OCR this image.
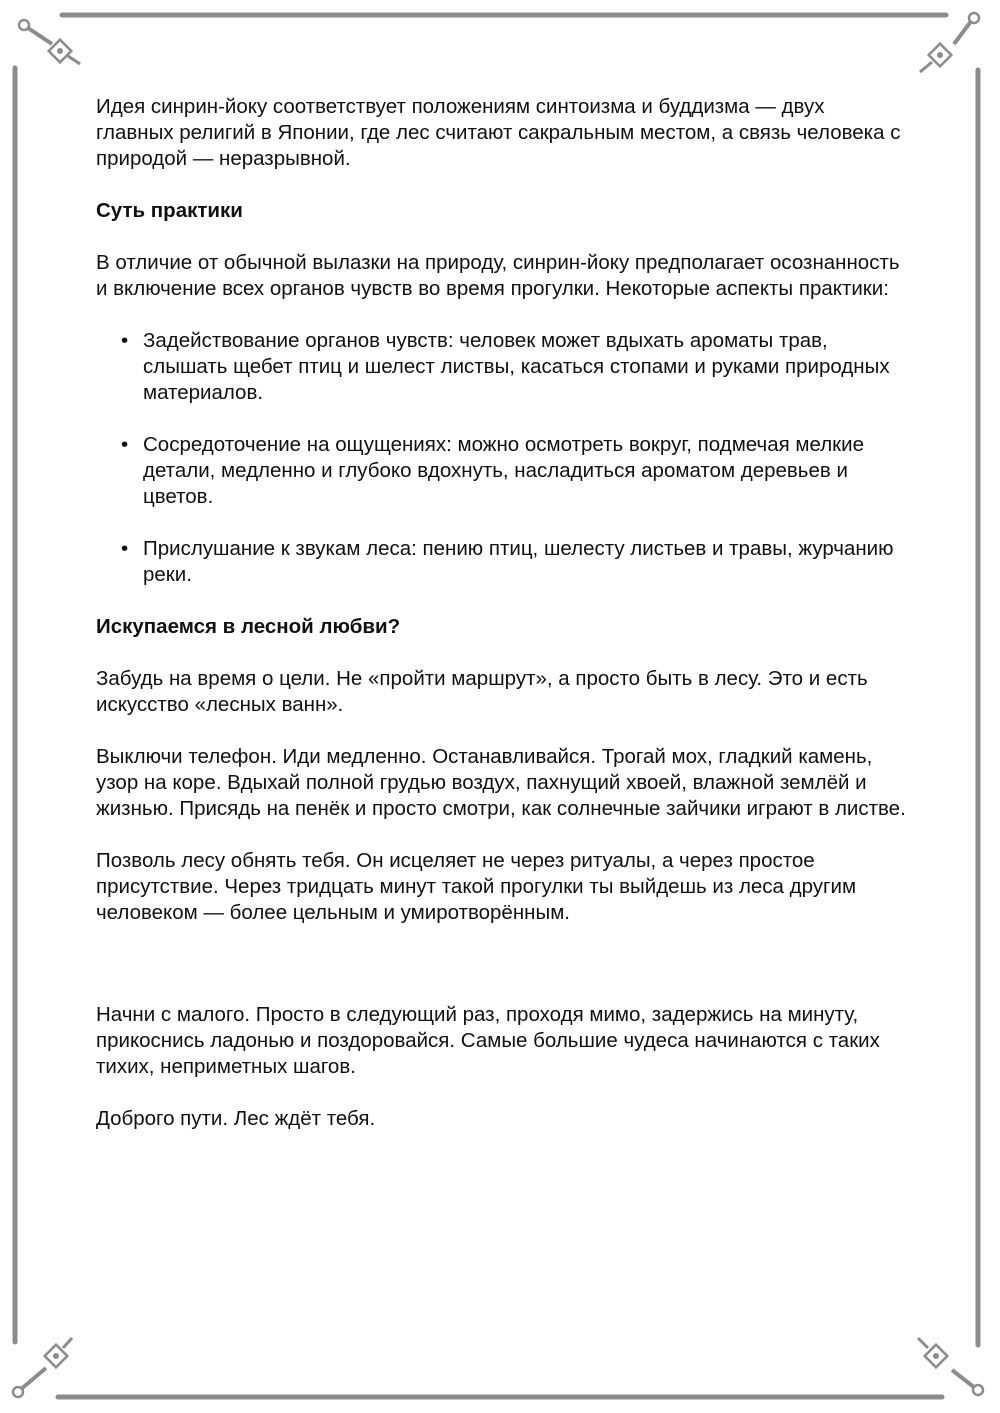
Идея синрин-йоку соответствует положениям синтоизма и буддизма — двух главных религий в Японии, где лес считают сакральным местом, а связь человека с природой — неразрывной.

Суть практики

В отличие от обычной вылазки на природу, синрин-йоку предполагает осознанность и включение всех органов чувств во время прогулки. Некоторые аспекты практики:

• Задействование органов чувств: человек может вдыхать ароматы трав, слышать щебет птиц и шелест листвы, касаться стопами и руками природных материалов.
• Сосредоточение на ощущениях: можно осмотреть вокруг, подмечая мелкие детали, медленно и глубоко вдохнуть, насладиться ароматом деревьев и цветов.
• Прислушание к звукам леса: пению птиц, шелесту листьев и травы, журчанию реки.
Искупаемся в лесной любви?

Забудь на время о цели. Не «пройти маршрут», а просто быть в лесу. Это и есть искусство «лесных ванн».

Выключи телефон. Иди медленно. Останавливайся. Трогай мох, гладкий камень, узор на коре. Вдыхай полной грудью воздух, пахнущий хвоей, влажной землёй и жизнью. Присядь на пенёк и просто смотри, как солнечные зайчики играют в листве.

Позволь лесу обнять тебя. Он исцеляет не через ритуалы, а через простое присутствие. Через тридцать минут такой прогулки ты выйдешь из леса другим человеком — более цельным и умиротворённым.

Начни с малого. Просто в следующий раз, проходя мимо, задержись на минуту, прикоснись ладонью и поздоровайся. Самые большие чудеса начинаются с таких тихих, неприметных шагов.

Доброго пути. Лес ждёт тебя.
